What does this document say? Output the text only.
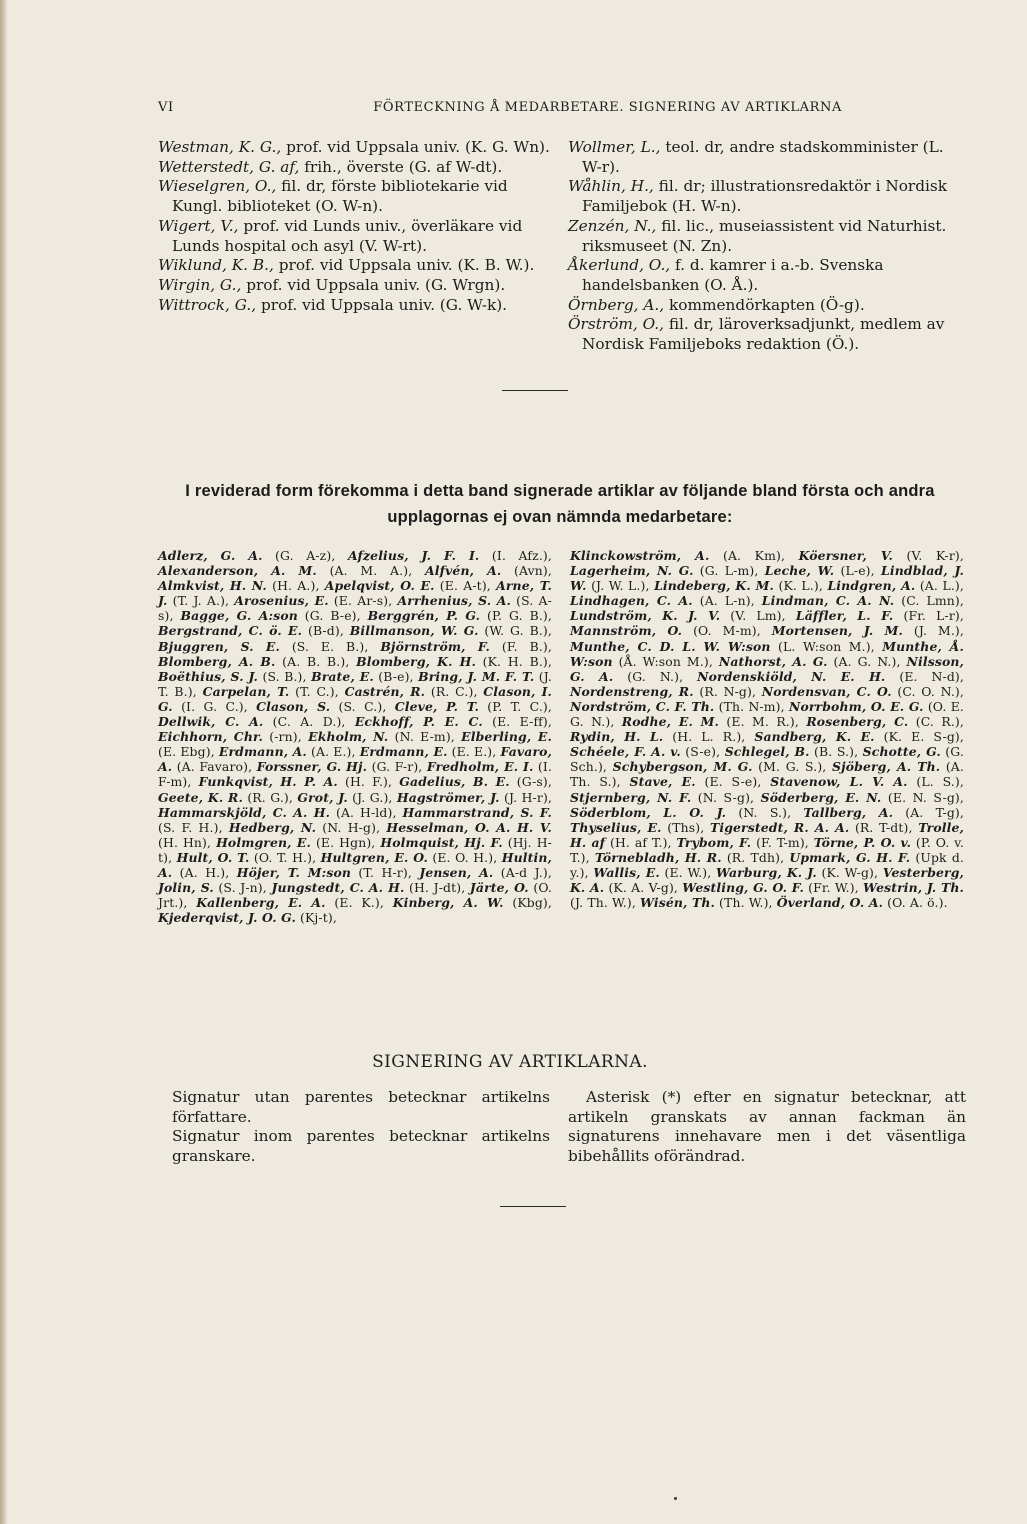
VI	FÖRTECKNING Å MEDARBETARE. SIGNERING AV ARTIKLARNA

Westman, K. G., prof. vid Uppsala univ. (K. G. Wn).

Wetterstedt, G. af, frih., överste (G. af W-dt).

Wieselgren, O., fil. dr, förste bibliotekarie vid Kungl. biblioteket (O. W-n).

Wigert, V., prof. vid Lunds univ., överläkare vid Lunds hospital och asyl (V. W-rt).

Wiklund, K. B., prof. vid Uppsala univ. (K. B. W.).

Wirgin, G., prof. vid Uppsala univ. (G. Wrgn).

Wittrock, G., prof. vid Uppsala univ. (G. W-k).

Wollmer, L., teol. dr, andre stadskomminister (L. W-r).

Wåhlin, H., fil. dr; illustrationsredaktör i Nordisk Familjebok (H. W-n).

Zenzén, N., fil. lic., museiassistent vid Naturhist. riksmuseet (N. Zn).

Åkerlund, O., f. d. kamrer i a.-b. Svenska handelsbanken (O. Å.).

Örnberg, A., kommendörkapten (Ö-g).

Örström, O., fil. dr, läroverksadjunkt, medlem av Nordisk Familjeboks redaktion (Ö.).

I reviderad form förekomma i detta band signerade artiklar av följande bland första och andra upplagornas ej ovan nämnda medarbetare:
Adlerz, G. A. (G. A-z), Afzelius, J. F. I. (I. Afz.), Alexanderson, A. M. (A. M. A.), Alfvén, A. (Avn), Almkvist, H. N. (H. A.), Apelqvist, O. E. (E. A-t), Arne, T. J. (T. J. A.), Arosenius, E. (E. Ar-s), Arrhenius, S. A. (S. A-s), Bagge, G. A:son (G. B-e), Berggrén, P. G. (P. G. B.), Bergstrand, C. ö. E. (B-d), Billmanson, W. G. (W. G. B.), Bjuggren, S. E. (S. E. B.), Björnström, F. (F. B.), Blomberg, A. B. (A. B. B.), Blomberg, K. H. (K. H. B.), Boëthius, S. J. (S. B.), Brate, E. (B-e), Bring, J. M. F. T. (J. T. B.), Carpelan, T. (T. C.), Castrén, R. (R. C.), Clason, I. G. (I. G. C.), Clason, S. (S. C.), Cleve, P. T. (P. T. C.), Dellwik, C. A. (C. A. D.), Eckhoff, P. E. C. (E. E-ff), Eichhorn, Chr. (-rn), Ekholm, N. (N. E-m), Elberling, E. (E. Ebg), Erdmann, A. (A. E.), Erdmann, E. (E. E.), Favaro, A. (A. Favaro), Forssner, G. Hj. (G. F-r), Fredholm, E. I. (I. F-m), Funkqvist, H. P. A. (H. F.), Gadelius, B. E. (G-s), Geete, K. R. (R. G.), Grot, J. (J. G.), Hagströmer, J. (J. H-r), Hammarskjöld, C. A. H. (A. H-ld), Hammarstrand, S. F. (S. F. H.), Hedberg, N. (N. H-g), Hesselman, O. A. H. V. (H. Hn), Holmgren, E. (E. Hgn), Holmquist, Hj. F. (Hj. H-t), Hult, O. T. (O. T. H.), Hultgren, E. O. (E. O. H.), Hultin, A. (A. H.), Höjer, T. M:son (T. H-r), Jensen, A. (A-d J.), Jolin, S. (S. J-n), Jungstedt, C. A. H. (H. J-dt), Järte, O. (O. Jrt.), Kallenberg, E. A. (E. K.), Kinberg, A. W. (Kbg), Kjederqvist, J. O. G. (Kj-t),
Klinckowström, A. (A. Km), Köersner, V. (V. K-r), Lagerheim, N. G. (G. L-m), Leche, W. (L-e), Lindblad, J. W. (J. W. L.), Lindeberg, K. M. (K. L.), Lindgren, A. (A. L.), Lindhagen, C. A. (A. L-n), Lindman, C. A. N. (C. Lmn), Lundström, K. J. V. (V. Lm), Läffler, L. F. (Fr. L-r), Mannström, O. (O. M-m), Mortensen, J. M. (J. M.), Munthe, C. D. L. W. W:son (L. W:son M.), Munthe, Å. W:son (Å. W:son M.), Nathorst, A. G. (A. G. N.), Nilsson, G. A. (G. N.), Nordenskiöld, N. E. H. (E. N-d), Nordenstreng, R. (R. N-g), Nordensvan, C. O. (C. O. N.), Nordström, C. F. Th. (Th. N-m), Norrbohm, O. E. G. (O. E. G. N.), Rodhe, E. M. (E. M. R.), Rosenberg, C. (C. R.), Rydin, H. L. (H. L. R.), Sandberg, K. E. (K. E. S-g), Schéele, F. A. v. (S-e), Schlegel, B. (B. S.), Schotte, G. (G. Sch.), Schybergson, M. G. (M. G. S.), Sjöberg, A. Th. (A. Th. S.), Stave, E. (E. S-e), Stavenow, L. V. A. (L. S.), Stjernberg, N. F. (N. S-g), Söderberg, E. N. (E. N. S-g), Söderblom, L. O. J. (N. S.), Tallberg, A. (A. T-g), Thyselius, E. (Ths), Tigerstedt, R. A. A. (R. T-dt), Trolle, H. af (H. af T.), Trybom, F. (F. T-m), Törne, P. O. v. (P. O. v. T.), Törnebladh, H. R. (R. Tdh), Upmark, G. H. F. (Upk d. y.), Wallis, E. (E. W.), Warburg, K. J. (K. W-g), Vesterberg, K. A. (K. A. V-g), Westling, G. O. F. (Fr. W.), Westrin, J. Th. (J. Th. W.), Wisén, Th. (Th. W.), Överland, O. A. (O. A. ö.).
SIGNERING AV ARTIKLARNA.

Signatur utan parentes betecknar artikelns författare.

Signatur inom parentes betecknar artikelns granskare.

Asterisk (*) efter en signatur betecknar, att artikeln granskats av annan fackman än signaturens innehavare men i det väsentliga bibehållits oförändrad.
